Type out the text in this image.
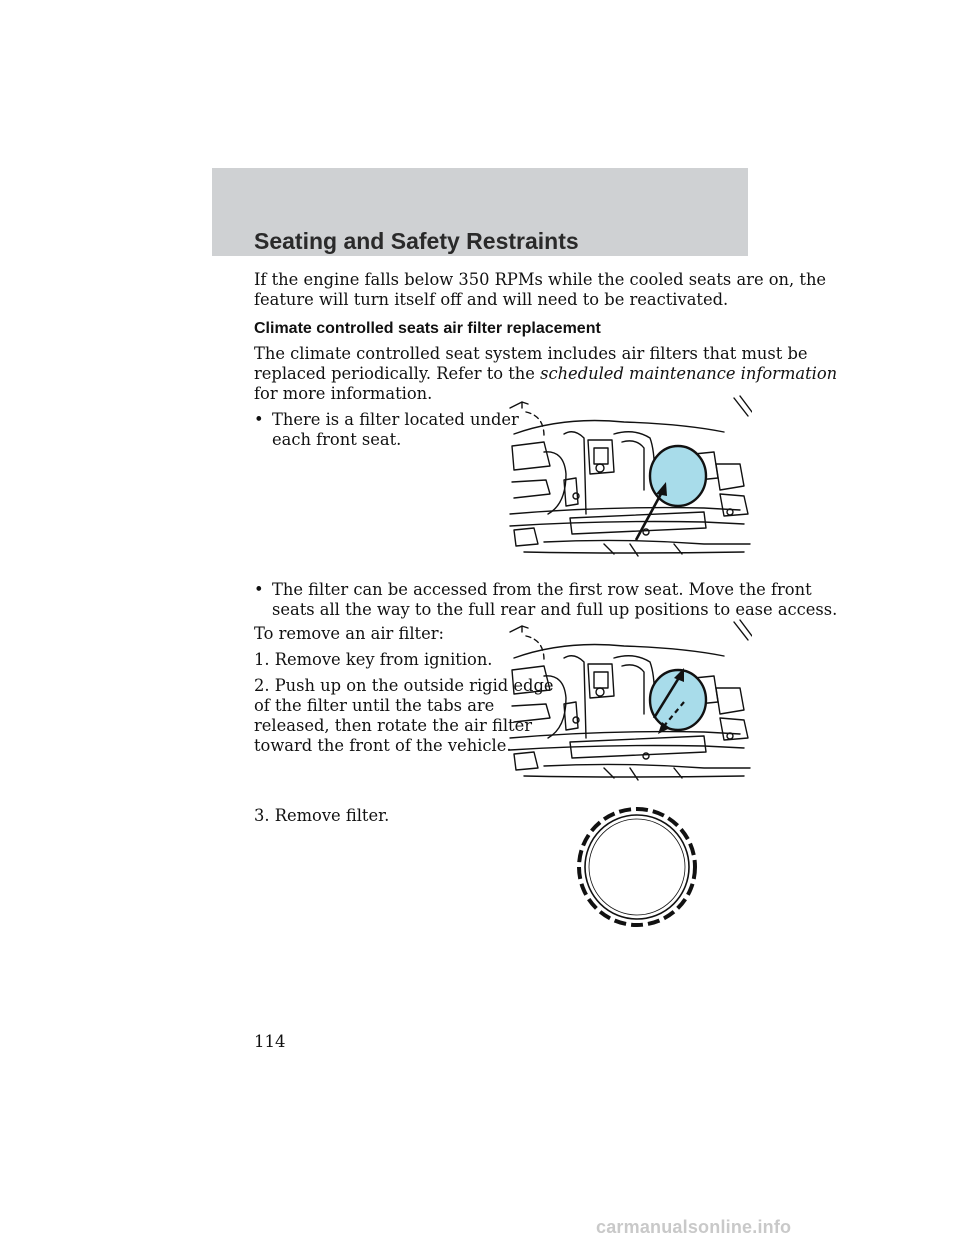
Seating and Safety Restraints
If the engine falls below 350 RPMs while the cooled seats are on, the
feature will turn itself off and will need to be reactivated.
Climate controlled seats air filter replacement
The climate controlled seat system includes air filters that must be
replaced periodically. Refer to the scheduled maintenance information
for more information.
• There is a filter located under
each front seat.
• The filter can be accessed from the first row seat. Move the front
seats all the way to the full rear and full up positions to ease access.
To remove an air filter:
1. Remove key from ignition.
2. Push up on the outside rigid edge
of the filter until the tabs are
released, then rotate the air filter
toward the front of the vehicle.
3. Remove filter.
114
carmanualsonline.info
